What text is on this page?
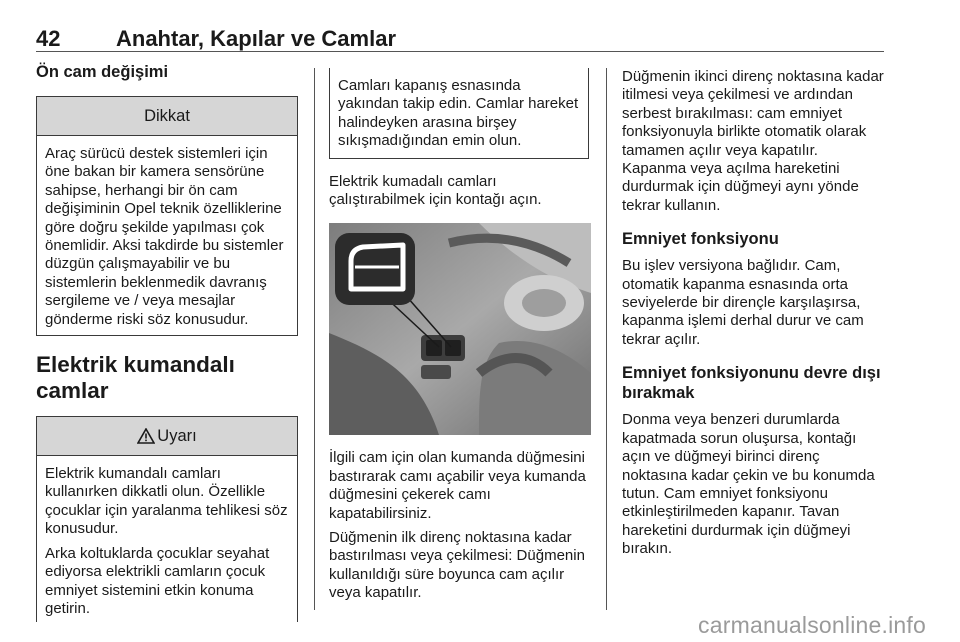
42	Anahtar, Kapılar ve Camlar
Ön cam değişimi
Dikkat

Araç sürücü destek sistemleri için öne bakan bir kamera sensörüne sahipse, herhangi bir ön cam değişiminin Opel teknik özelliklerine göre doğru şekilde yapılması çok önemlidir. Aksi takdirde bu sistemler düzgün çalışmayabilir ve bu sistemlerin beklenmedik davranış sergileme ve / veya mesajlar gönderme riski söz konusudur.

Elektrik kumandalı camlar
Uyarı

Elektrik kumandalı camları kullanırken dikkatli olun. Özellikle çocuklar için yaralanma tehlikesi söz konusudur.

Arka koltuklarda çocuklar seyahat ediyorsa elektrikli camların çocuk emniyet sistemini etkin konuma getirin.

Camları kapanış esnasında yakından takip edin. Camlar hareket halindeyken arasına birşey sıkışmadığından emin olun.

Elektrik kumadalı camları çalıştırabilmek için kontağı açın.

İlgili cam için olan kumanda düğmesini bastırarak camı açabilir veya kumanda düğmesini çekerek camı kapatabilirsiniz.

Düğmenin ilk direnç noktasına kadar bastırılması veya çekilmesi: Düğmenin kullanıldığı süre boyunca cam açılır veya kapatılır.

Düğmenin ikinci direnç noktasına kadar itilmesi veya çekilmesi ve ardından serbest bırakılması: cam emniyet fonksiyonuyla birlikte otomatik olarak tamamen açılır veya kapatılır. Kapanma veya açılma hareketini durdurmak için düğmeyi aynı yönde tekrar kullanın.

Emniyet fonksiyonu

Bu işlev versiyona bağlıdır. Cam, otomatik kapanma esnasında orta seviyelerde bir dirençle karşılaşırsa, kapanma işlemi derhal durur ve cam tekrar açılır.

Emniyet fonksiyonunu devre dışı bırakmak

Donma veya benzeri durumlarda kapatmada sorun oluşursa, kontağı açın ve düğmeyi birinci direnç noktasına kadar çekin ve bu konumda tutun. Cam emniyet fonksiyonu etkinleştirilmeden kapanır. Tavan hareketini durdurmak için düğmeyi bırakın.

carmanualsonline.info
